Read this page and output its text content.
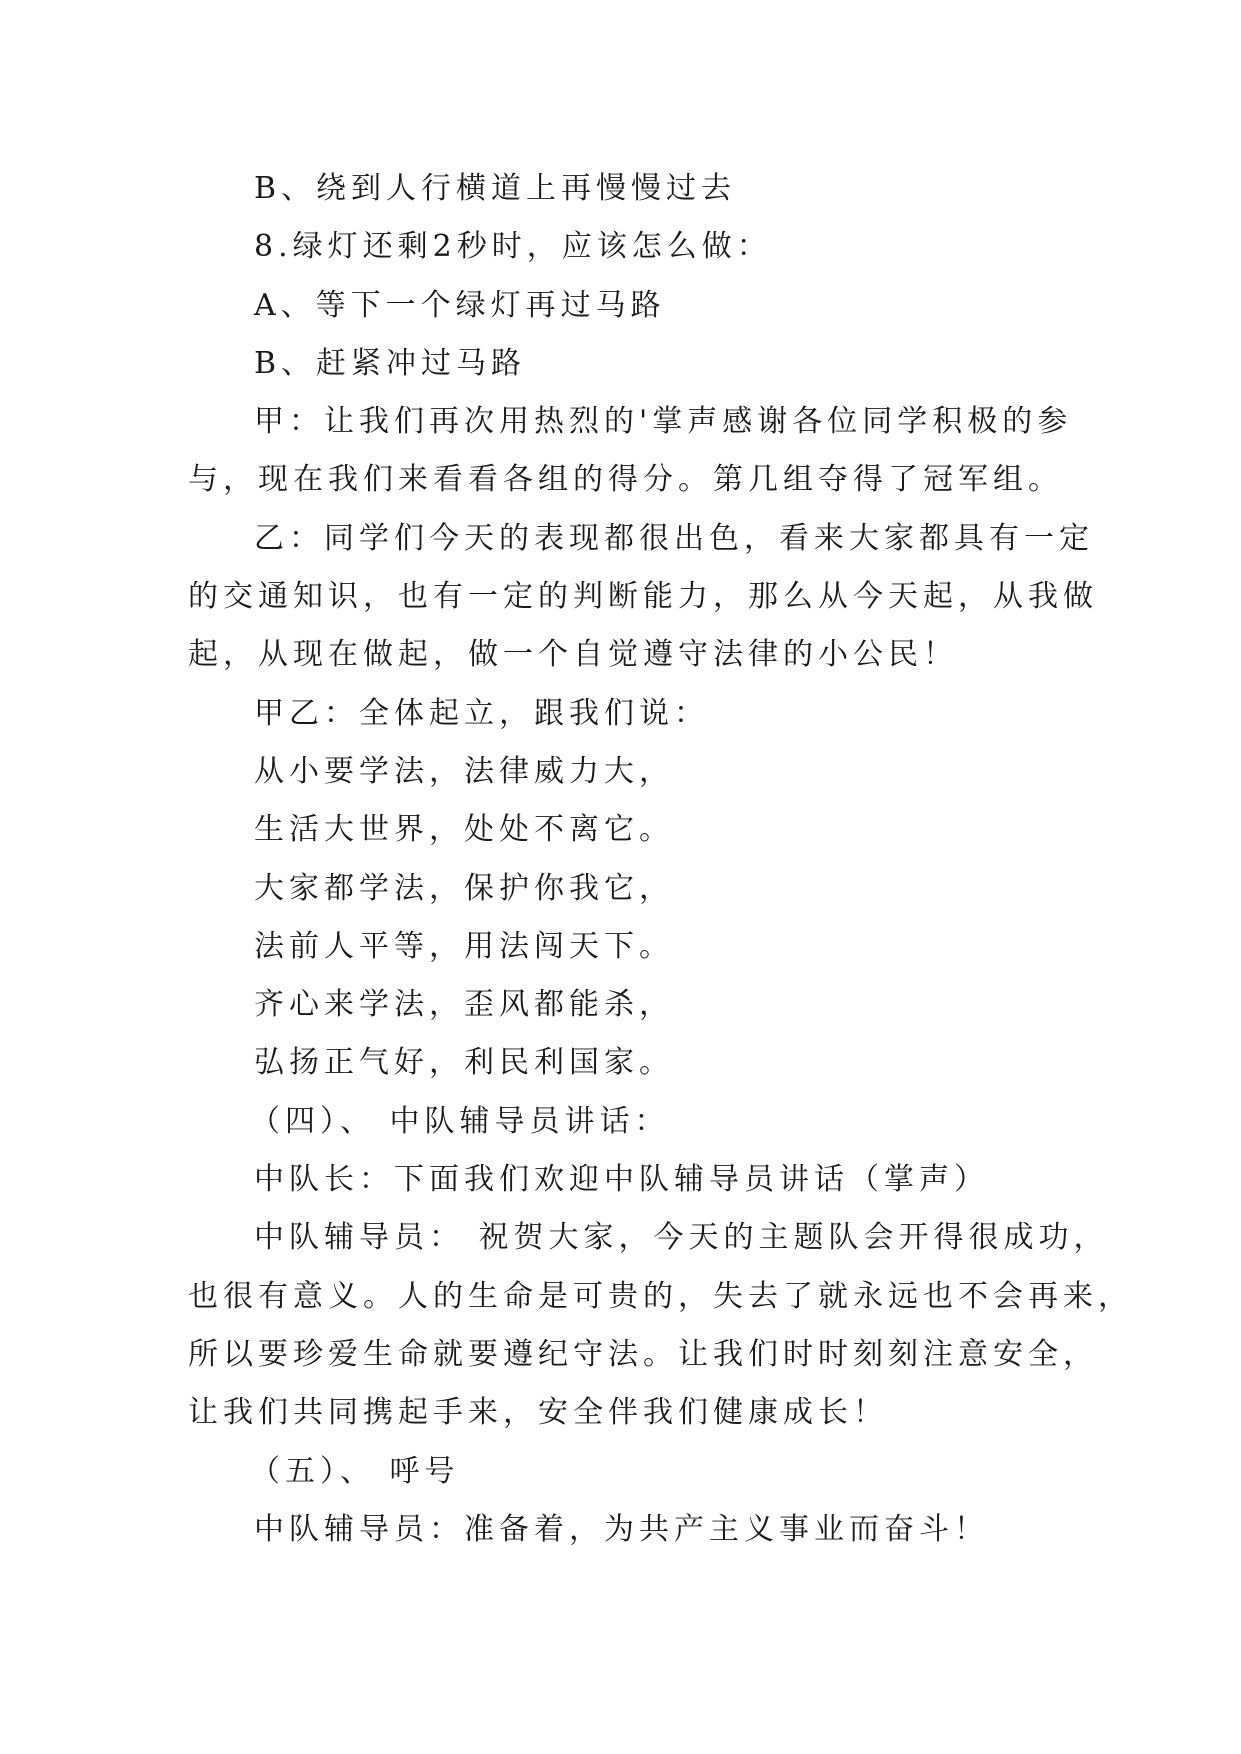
B、绕到人行横道上再慢慢过去
8.绿灯还剩2秒时，应该怎么做：
A、等下一个绿灯再过马路
B、赶紧冲过马路
甲：让我们再次用热烈的'掌声感谢各位同学积极的参
与，现在我们来看看各组的得分。第几组夺得了冠军组。
乙：同学们今天的表现都很出色，看来大家都具有一定
的交通知识，也有一定的判断能力，那么从今天起，从我做
起，从现在做起，做一个自觉遵守法律的小公民！
甲乙：全体起立，跟我们说：
从小要学法，法律威力大，
生活大世界，处处不离它。
大家都学法，保护你我它，
法前人平等，用法闯天下。
齐心来学法，歪风都能杀，
弘扬正气好，利民利国家。
（四）、 中队辅导员讲话：
中队长：下面我们欢迎中队辅导员讲话（掌声）
中队辅导员： 祝贺大家，今天的主题队会开得很成功，
也很有意义。人的生命是可贵的，失去了就永远也不会再来，
所以要珍爱生命就要遵纪守法。让我们时时刻刻注意安全，
让我们共同携起手来，安全伴我们健康成长！
（五）、 呼号
中队辅导员：准备着，为共产主义事业而奋斗！
